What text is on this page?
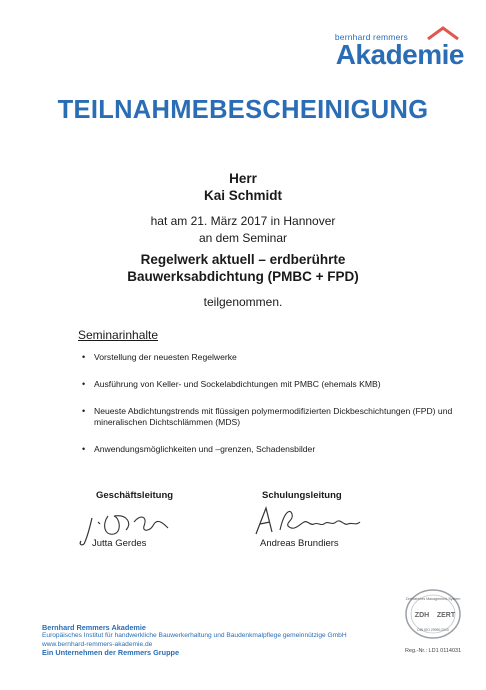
bernhard remmers
Akademie
TEILNAHMEBESCHEINIGUNG
Herr
Kai Schmidt
hat am 21. März 2017 in Hannover
an dem Seminar
Regelwerk aktuell – erdberührte
Bauwerksabdichtung (PMBC + FPD)
teilgenommen.
Seminarinhalte
• Vorstellung der neuesten Regelwerke
• Ausführung von Keller- und Sockelabdichtungen mit PMBC (ehemals KMB)
• Neueste Abdichtungstrends mit flüssigen polymermodifizierten Dickbeschichtungen (FPD) und mineralischen Dichtschlämmen (MDS)
• Anwendungsmöglichkeiten und –grenzen, Schadensbilder
Geschäftsleitung
Jutta Gerdes
Schulungsleitung
Andreas Brundiers
Zertifiziertes Management-System
ZDH ZERT
DIN ISO 29990:2010
Reg.-Nr.: LD1 0114031
Bernhard Remmers Akademie
Europäisches Institut für handwerkliche Bauwerkerhaltung und Baudenkmalpflege gemeinnützige GmbH
www.bernhard-remmers-akademie.de
Ein Unternehmen der Remmers Gruppe
